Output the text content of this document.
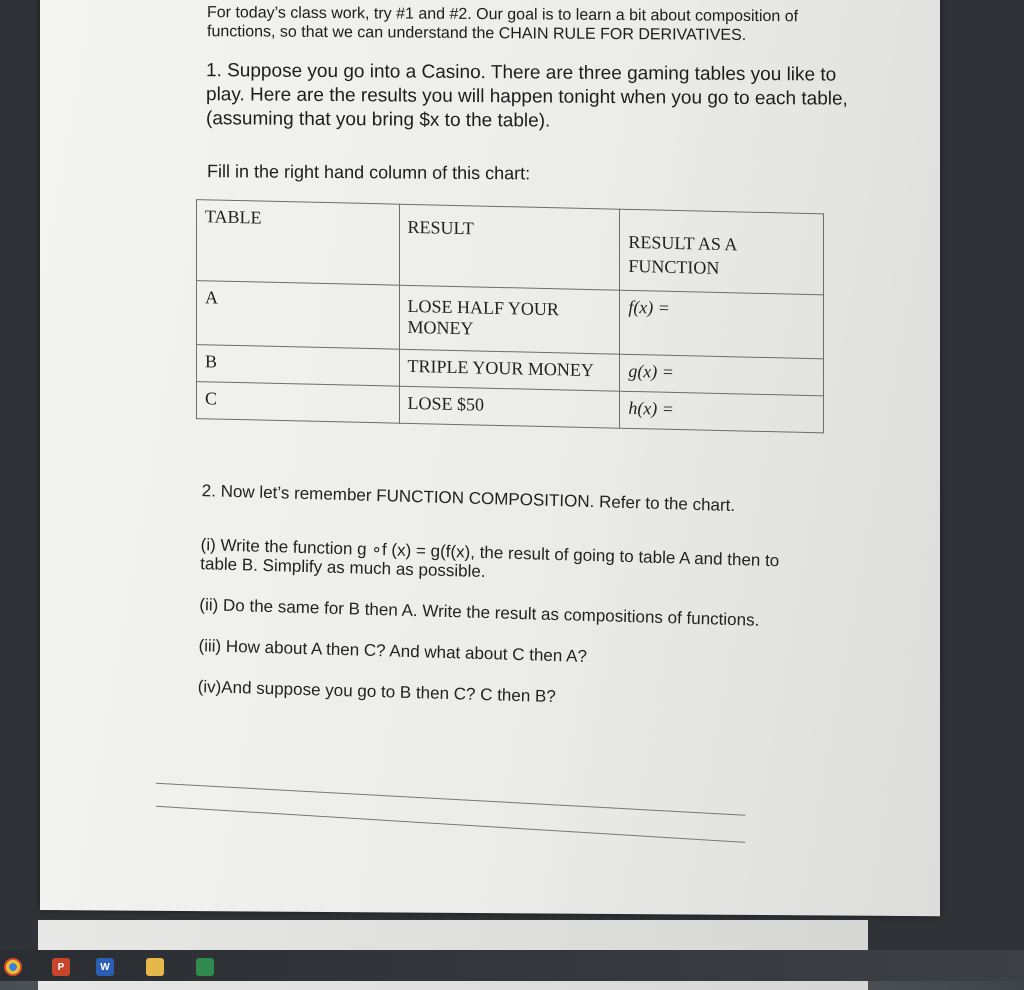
For today’s class work, try #1 and #2. Our goal is to learn a bit about composition of functions, so that we can understand the CHAIN RULE FOR DERIVATIVES.
1. Suppose you go into a Casino. There are three gaming tables you like to play. Here are the results you will happen tonight when you go to each table, (assuming that you bring $x to the table).
Fill in the right hand column of this chart:
TABLE	RESULT	RESULT AS A FUNCTION

A	LOSE HALF YOUR MONEY	f(x) =
B	TRIPLE YOUR MONEY	g(x) =
C	LOSE $50	h(x) =

2. Now let’s remember FUNCTION COMPOSITION. Refer to the chart.

(i) Write the function g ∘f (x) = g(f(x), the result of going to table A and then to table B. Simplify as much as possible.

(ii) Do the same for B then A. Write the result as compositions of functions.

(iii) How about A then C? And what about C then A?

(iv)And suppose you go to B then C? C then B?

P	W
